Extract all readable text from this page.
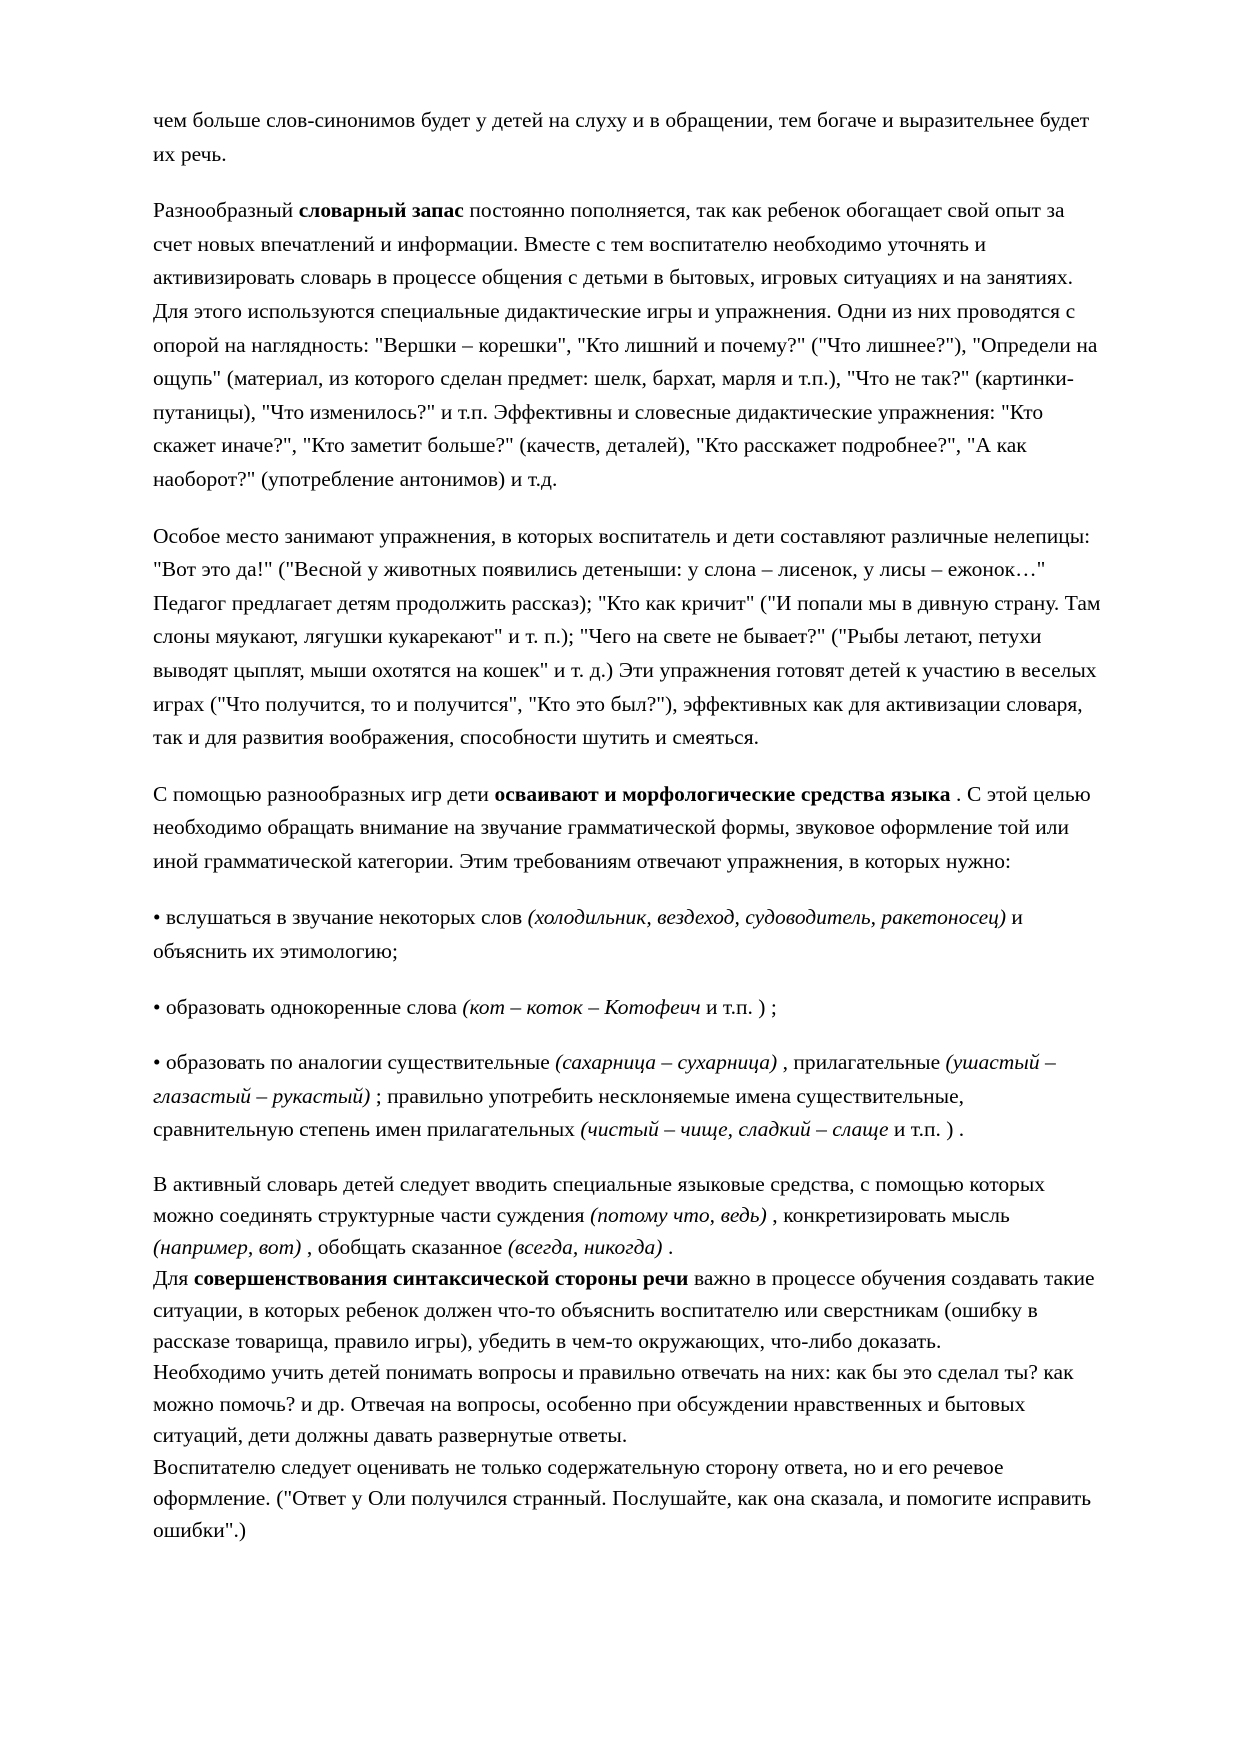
чем больше слов-синонимов будет у детей на слуху и в обращении, тем богаче и выразительнее будет их речь.

Разнообразный словарный запас постоянно пополняется, так как ребенок обогащает свой опыт за счет новых впечатлений и информации. Вместе с тем воспитателю необходимо уточнять и активизировать словарь в процессе общения с детьми в бытовых, игровых ситуациях и на занятиях. Для этого используются специальные дидактические игры и упражнения. Одни из них проводятся с опорой на наглядность: "Вершки – корешки", "Кто лишний и почему?" ("Что лишнее?"), "Определи на ощупь" (материал, из которого сделан предмет: шелк, бархат, марля и т.п.), "Что не так?" (картинки-путаницы), "Что изменилось?" и т.п. Эффективны и словесные дидактические упражнения: "Кто скажет иначе?", "Кто заметит больше?" (качеств, деталей), "Кто расскажет подробнее?", "А как наоборот?" (употребление антонимов) и т.д.

Особое место занимают упражнения, в которых воспитатель и дети составляют различные нелепицы: "Вот это да!" ("Весной у животных появились детеныши: у слона – лисенок, у лисы – ежонок…" Педагог предлагает детям продолжить рассказ); "Кто как кричит" ("И попали мы в дивную страну. Там слоны мяукают, лягушки кукарекают" и т. п.); "Чего на свете не бывает?" ("Рыбы летают, петухи выводят цыплят, мыши охотятся на кошек" и т. д.) Эти упражнения готовят детей к участию в веселых играх ("Что получится, то и получится", "Кто это был?"), эффективных как для активизации словаря, так и для развития воображения, способности шутить и смеяться.

С помощью разнообразных игр дети осваивают и морфологические средства языка . С этой целью необходимо обращать внимание на звучание грамматической формы, звуковое оформление той или иной грамматической категории. Этим требованиям отвечают упражнения, в которых нужно:

• вслушаться в звучание некоторых слов (холодильник, вездеход, судоводитель, ракетоносец) и объяснить их этимологию;

• образовать однокоренные слова (кот – коток – Котофеич и т.п. ) ;

• образовать по аналогии существительные (сахарница – сухарница) , прилагательные (ушастый – глазастый – рукастый) ; правильно употребить несклоняемые имена существительные, сравнительную степень имен прилагательных (чистый – чище, сладкий – слаще и т.п. ) .

В активный словарь детей следует вводить специальные языковые средства, с помощью которых можно соединять структурные части суждения (потому что, ведь) , конкретизировать мысль (например, вот) , обобщать сказанное (всегда, никогда) .

Для совершенствования синтаксической стороны речи важно в процессе обучения создавать такие ситуации, в которых ребенок должен что-то объяснить воспитателю или сверстникам (ошибку в рассказе товарища, правило игры), убедить в чем-то окружающих, что-либо доказать.

Необходимо учить детей понимать вопросы и правильно отвечать на них: как бы это сделал ты? как можно помочь? и др. Отвечая на вопросы, особенно при обсуждении нравственных и бытовых ситуаций, дети должны давать развернутые ответы.

Воспитателю следует оценивать не только содержательную сторону ответа, но и его речевое оформление. ("Ответ у Оли получился странный. Послушайте, как она сказала, и помогите исправить ошибки".)
